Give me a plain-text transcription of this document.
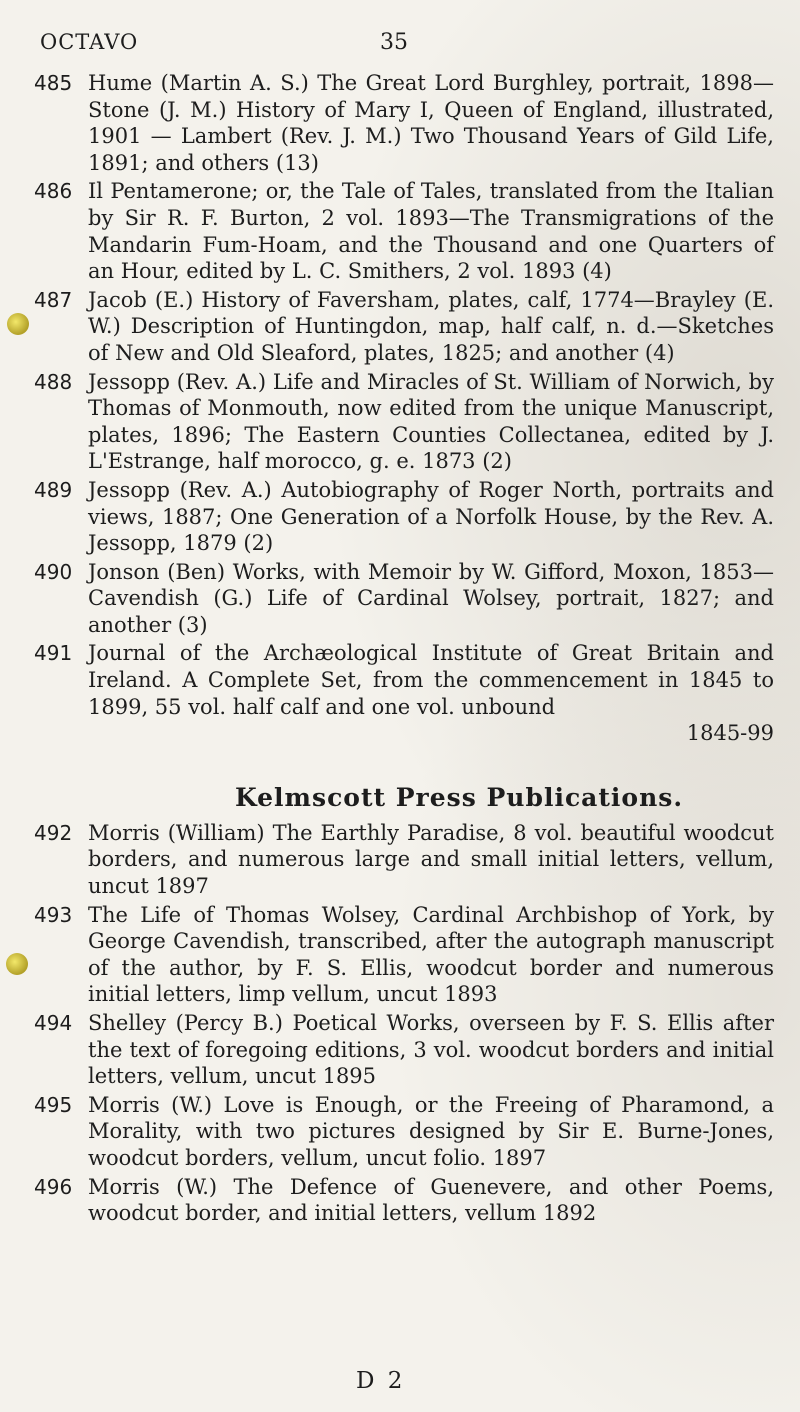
OCTAVO	35
485 Hume (Martin A. S.) The Great Lord Burghley, portrait, 1898—Stone (J. M.) History of Mary I, Queen of England, illustrated, 1901 — Lambert (Rev. J. M.) Two Thousand Years of Gild Life, 1891; and others (13)
486 Il Pentamerone; or, the Tale of Tales, translated from the Italian by Sir R. F. Burton, 2 vol. 1893—The Transmigrations of the Mandarin Fum-Hoam, and the Thousand and one Quarters of an Hour, edited by L. C. Smithers, 2 vol. 1893 (4)
487 Jacob (E.) History of Faversham, plates, calf, 1774—Brayley (E. W.) Description of Huntingdon, map, half calf, n. d.—Sketches of New and Old Sleaford, plates, 1825; and another (4)
488 Jessopp (Rev. A.) Life and Miracles of St. William of Norwich, by Thomas of Monmouth, now edited from the unique Manuscript, plates, 1896; The Eastern Counties Collectanea, edited by J. L'Estrange, half morocco, g. e. 1873 (2)
489 Jessopp (Rev. A.) Autobiography of Roger North, portraits and views, 1887; One Generation of a Norfolk House, by the Rev. A. Jessopp, 1879 (2)
490 Jonson (Ben) Works, with Memoir by W. Gifford, Moxon, 1853—Cavendish (G.) Life of Cardinal Wolsey, portrait, 1827; and another (3)
491 Journal of the Archæological Institute of Great Britain and Ireland. A Complete Set, from the commencement in 1845 to 1899, 55 vol. half calf and one vol. unbound
1845-99
Kelmscott Press Publications.
492 Morris (William) The Earthly Paradise, 8 vol. beautiful woodcut borders, and numerous large and small initial letters, vellum, uncut 1897
493 The Life of Thomas Wolsey, Cardinal Archbishop of York, by George Cavendish, transcribed, after the autograph manuscript of the author, by F. S. Ellis, woodcut border and numerous initial letters, limp vellum, uncut 1893
494 Shelley (Percy B.) Poetical Works, overseen by F. S. Ellis after the text of foregoing editions, 3 vol. woodcut borders and initial letters, vellum, uncut 1895
495 Morris (W.) Love is Enough, or the Freeing of Pharamond, a Morality, with two pictures designed by Sir E. Burne-Jones, woodcut borders, vellum, uncut folio. 1897
496 Morris (W.) The Defence of Guenevere, and other Poems, woodcut border, and initial letters, vellum 1892
D 2
